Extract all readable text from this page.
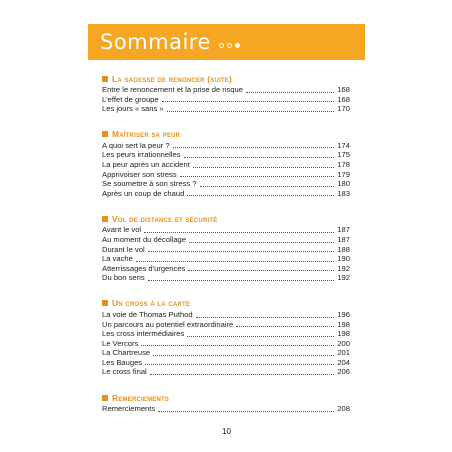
Sommaire
La sagesse de renoncer (suite)
Entre le renoncement et la prise de risque	168
L'effet de groupe	168
Les jours « sans »	170
Maîtriser sa peur
A quoi sert la peur ?	174
Les peurs irrationnelles	175
La peur après un accident	178
Apprivoiser son stress	179
Se soumettre à son stress ?	180
Après un coup de chaud	183
Vol de distance et sécurité
Avant le vol	187
Au moment du décollage	187
Durant le vol	188
La vache	190
Atterrissages d'urgences	192
Du bon sens	192
Un cross à la carte
La voie de Thomas Puthod	196
Un parcours au potentiel extraordinaire	198
Les cross intermédiaires	198
Le Vercors	200
La Chartreuse	201
Les Bauges	204
Le cross final	206
Remerciements
Remerciements	208
10
